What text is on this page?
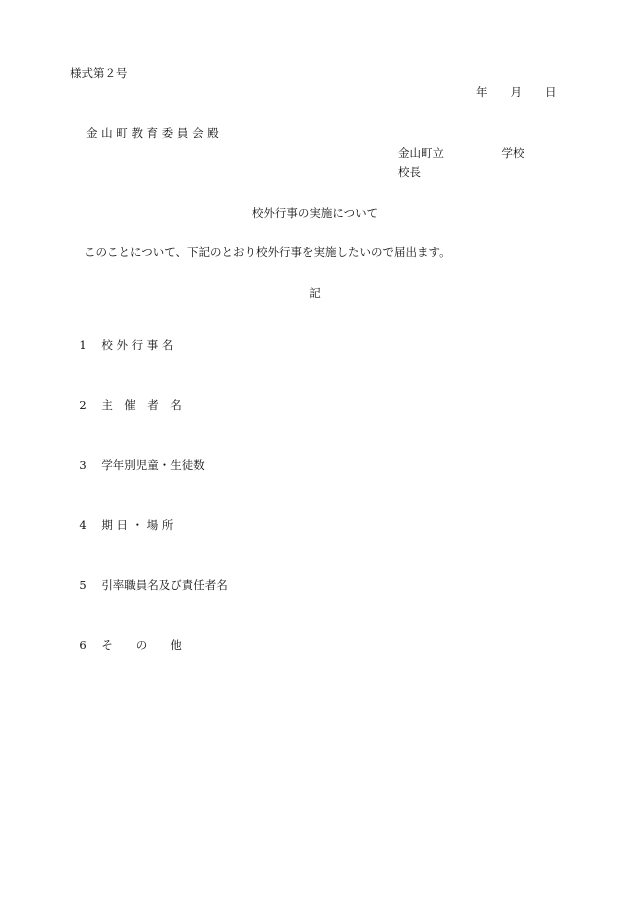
様式第２号
年　　月　　日
金 山 町 教 育 委 員 会 殿
金山町立　　　　　学校
校長
校外行事の実施について
このことについて、下記のとおり校外行事を実施したいので届出ます。
記

1 校 外 行 事 名

2 主　催　者　名

3 学年別児童・生徒数

4 期 日 ・ 場 所

5 引率職員名及び責任者名

6 そ　　の　　他
